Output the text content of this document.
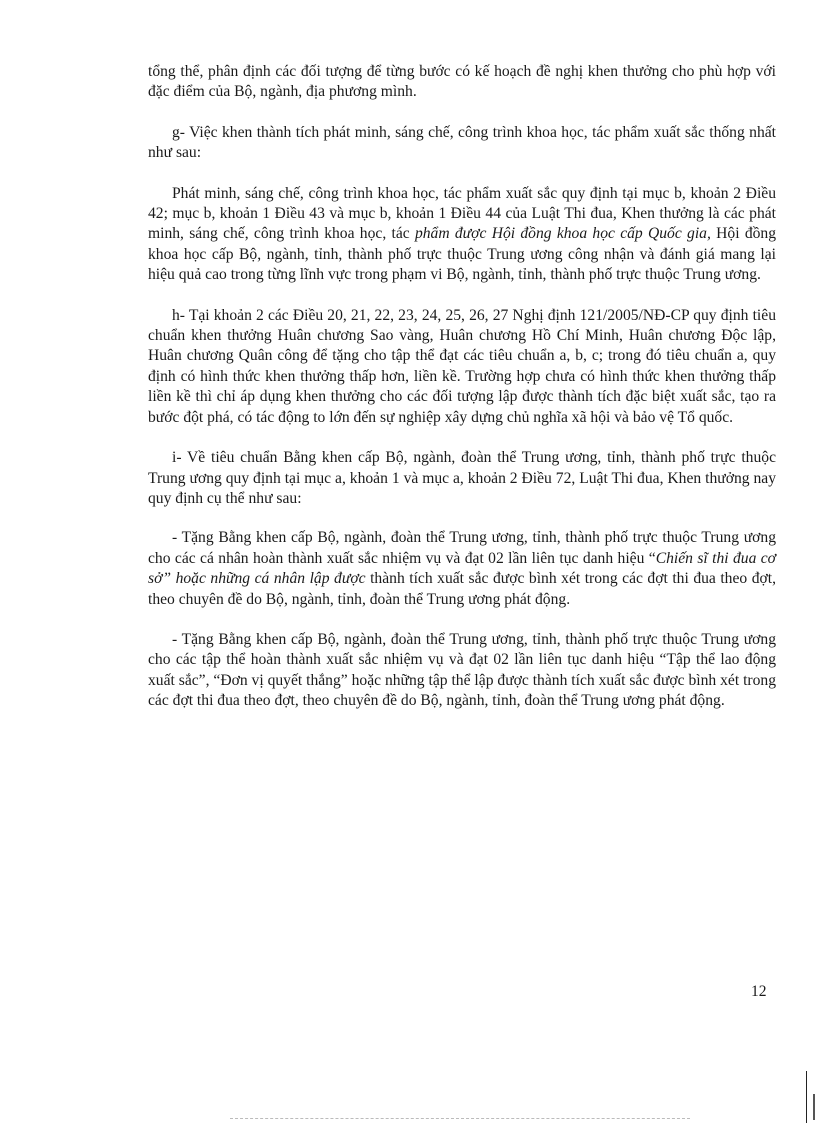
tổng thể, phân định các đối tượng để từng bước có kế hoạch đề nghị khen thưởng cho phù hợp với đặc điểm của Bộ, ngành, địa phương mình.

g- Việc khen thành tích phát minh, sáng chế, công trình khoa học, tác phẩm xuất sắc thống nhất như sau:

Phát minh, sáng chế, công trình khoa học, tác phẩm xuất sắc quy định tại mục b, khoản 2 Điều 42; mục b, khoản 1 Điều 43 và mục b, khoản 1 Điều 44 của Luật Thi đua, Khen thưởng là các phát minh, sáng chế, công trình khoa học, tác phẩm được Hội đồng khoa học cấp Quốc gia, Hội đồng khoa học cấp Bộ, ngành, tỉnh, thành phố trực thuộc Trung ương công nhận và đánh giá mang lại hiệu quả cao trong từng lĩnh vực trong phạm vi Bộ, ngành, tỉnh, thành phố trực thuộc Trung ương.

h- Tại khoản 2 các Điều 20, 21, 22, 23, 24, 25, 26, 27 Nghị định 121/2005/NĐ-CP quy định tiêu chuẩn khen thưởng Huân chương Sao vàng, Huân chương Hồ Chí Minh, Huân chương Độc lập, Huân chương Quân công để tặng cho tập thể đạt các tiêu chuẩn a, b, c; trong đó tiêu chuẩn a, quy định có hình thức khen thưởng thấp hơn, liền kề. Trường hợp chưa có hình thức khen thưởng thấp liền kề thì chỉ áp dụng khen thưởng cho các đối tượng lập được thành tích đặc biệt xuất sắc, tạo ra bước đột phá, có tác động to lớn đến sự nghiệp xây dựng chủ nghĩa xã hội và bảo vệ Tổ quốc.

i- Về tiêu chuẩn Bằng khen cấp Bộ, ngành, đoàn thể Trung ương, tỉnh, thành phố trực thuộc Trung ương quy định tại mục a, khoản 1 và mục a, khoản 2 Điều 72, Luật Thi đua, Khen thưởng nay quy định cụ thể như sau:

- Tặng Bằng khen cấp Bộ, ngành, đoàn thể Trung ương, tỉnh, thành phố trực thuộc Trung ương cho các cá nhân hoàn thành xuất sắc nhiệm vụ và đạt 02 lần liên tục danh hiệu “Chiến sĩ thi đua cơ sở” hoặc những cá nhân lập được thành tích xuất sắc được bình xét trong các đợt thi đua theo đợt, theo chuyên đề do Bộ, ngành, tỉnh, đoàn thể Trung ương phát động.

- Tặng Bằng khen cấp Bộ, ngành, đoàn thể Trung ương, tỉnh, thành phố trực thuộc Trung ương cho các tập thể hoàn thành xuất sắc nhiệm vụ và đạt 02 lần liên tục danh hiệu “Tập thể lao động xuất sắc”, “Đơn vị quyết thắng” hoặc những tập thể lập được thành tích xuất sắc được bình xét trong các đợt thi đua theo đợt, theo chuyên đề do Bộ, ngành, tỉnh, đoàn thể Trung ương phát động.

12
